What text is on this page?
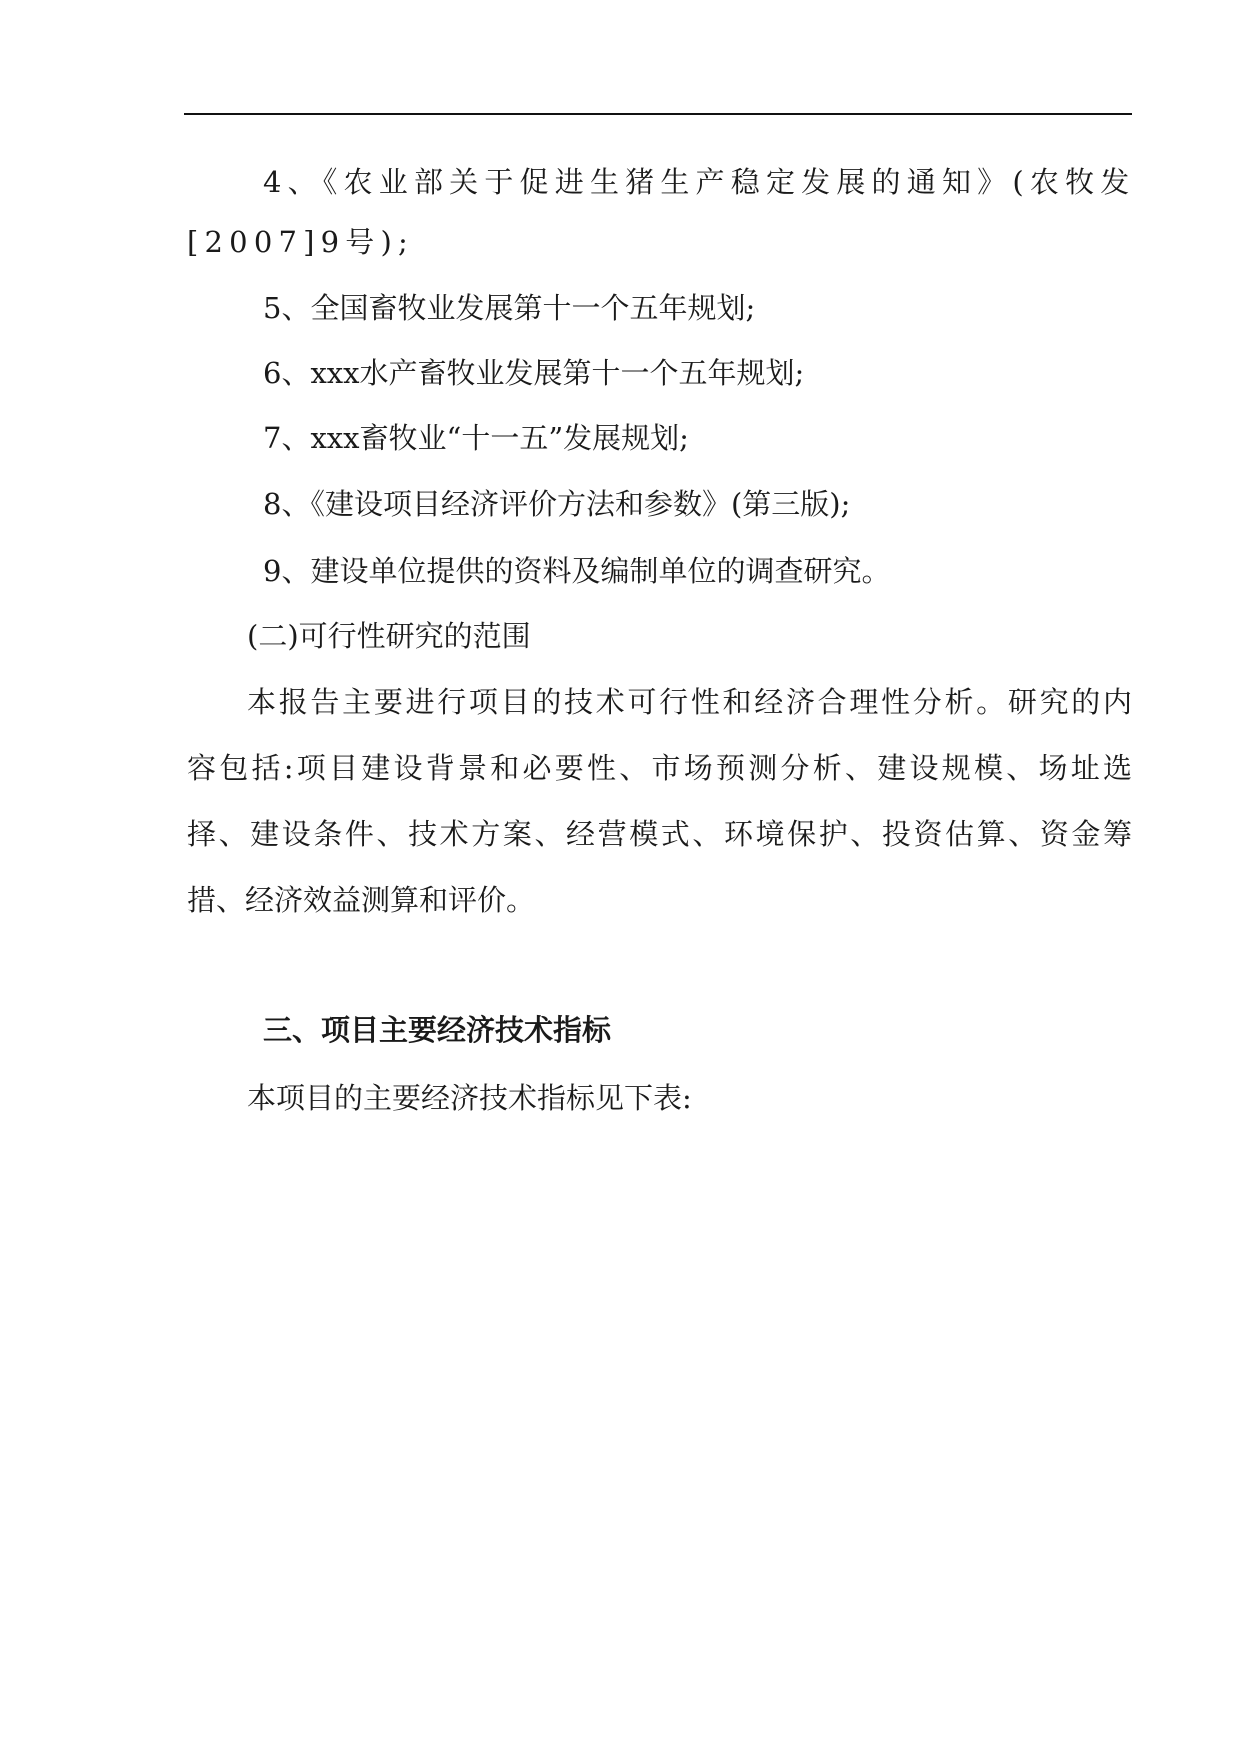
4、《农业部关于促进生猪生产稳定发展的通知》(农牧发
[2007]9号);
5、全国畜牧业发展第十一个五年规划;
6、xxx水产畜牧业发展第十一个五年规划;
7、xxx畜牧业“十一五”发展规划;
8、《建设项目经济评价方法和参数》(第三版);
9、建设单位提供的资料及编制单位的调查研究。
(二)可行性研究的范围
本报告主要进行项目的技术可行性和经济合理性分析。研究的内
容包括:项目建设背景和必要性、市场预测分析、建设规模、场址选
择、建设条件、技术方案、经营模式、环境保护、投资估算、资金筹
措、经济效益测算和评价。
三、项目主要经济技术指标
本项目的主要经济技术指标见下表:
